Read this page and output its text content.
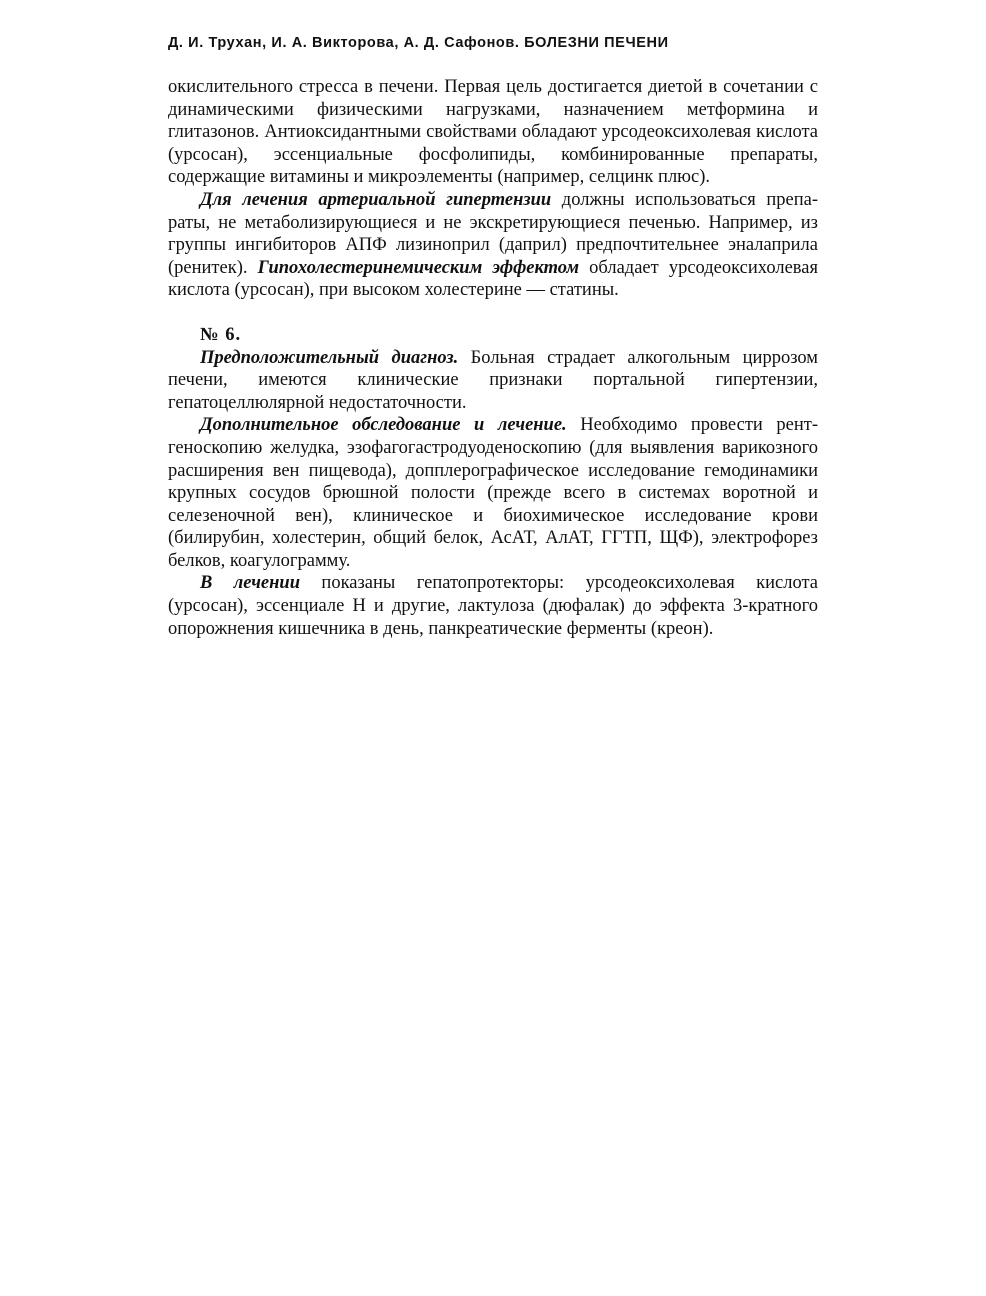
Д. И. Трухан, И. А. Викторова, А. Д. Сафонов. БОЛЕЗНИ ПЕЧЕНИ

окислительного стресса в печени. Первая цель достигается диетой в сочетании с динамическими физическими нагрузками, назначением метформина и глитазонов. Антиоксидантными свойствами обладают урсодеоксихолевая кислота (урсосан), эссенциальные фосфолипиды, комбинированные препараты, содержащие витамины и микроэлементы (например, селцинк плюс).

Для лечения артериальной гипертензии должны использоваться препараты, не метаболизирующиеся и не экскретирующиеся печенью. Например, из группы ингибиторов АПФ лизиноприл (даприл) предпочтительнее эналаприла (ренитек). Гипохолестеринемическим эффектом обладает урсодеоксихолевая кислота (урсосан), при высоком холестерине — статины.

№ 6.

Предположительный диагноз. Больная страдает алкогольным циррозом печени, имеются клинические признаки портальной гипертензии, гепатоцеллюлярной недостаточности.

Дополнительное обследование и лечение. Необходимо провести рентгеноскопию желудка, эзофагогастродуоденоскопию (для выявления варикозного расширения вен пищевода), допплерографическое исследование гемодинамики крупных сосудов брюшной полости (прежде всего в системах воротной и селезеночной вен), клиническое и биохимическое исследование крови (билирубин, холестерин, общий белок, АсАТ, АлАТ, ГГТП, ЩФ), электрофорез белков, коагулограмму.

В лечении показаны гепатопротекторы: урсодеоксихолевая кислота (урсосан), эссенциале Н и другие, лактулоза (дюфалак) до эффекта 3-кратного опорожнения кишечника в день, панкреатические ферменты (креон).
